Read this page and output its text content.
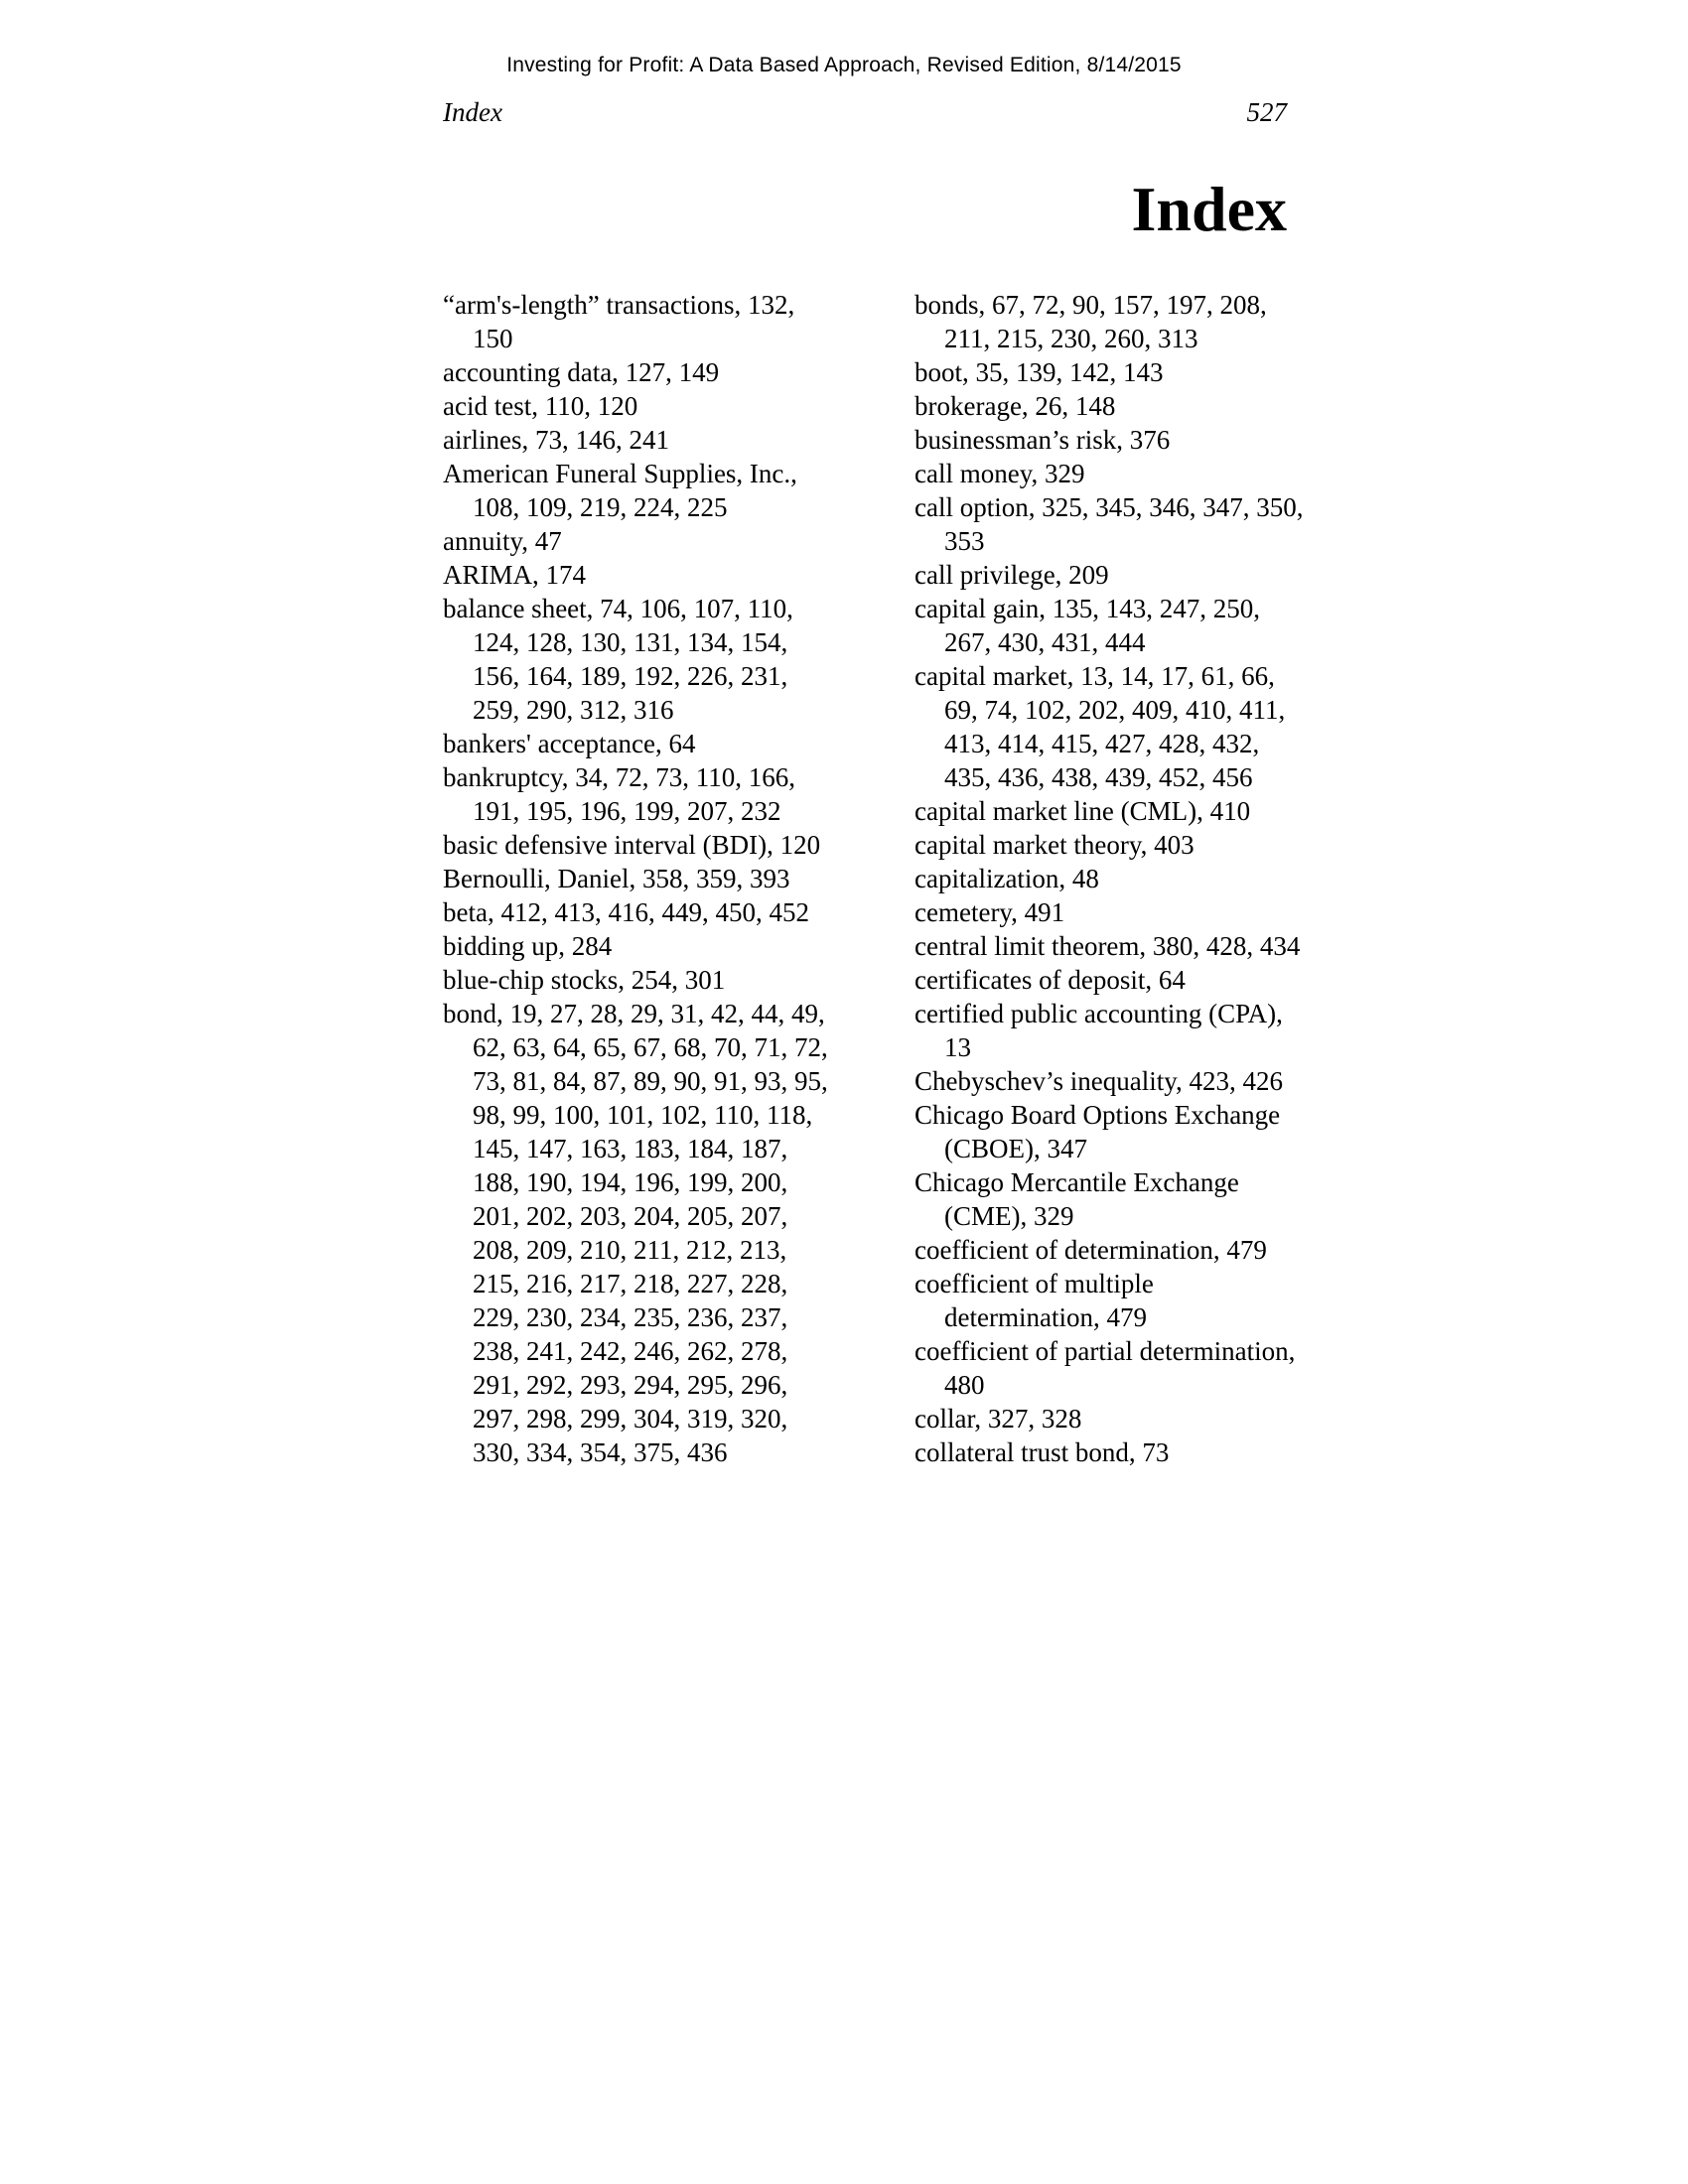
Investing for Profit: A Data Based Approach, Revised Edition, 8/14/2015
Index	527
Index

“arm's-length” transactions, 132, 150

accounting data, 127, 149

acid test, 110, 120

airlines, 73, 146, 241

American Funeral Supplies, Inc., 108, 109, 219, 224, 225

annuity, 47

ARIMA, 174

balance sheet, 74, 106, 107, 110, 124, 128, 130, 131, 134, 154, 156, 164, 189, 192, 226, 231, 259, 290, 312, 316

bankers' acceptance, 64

bankruptcy, 34, 72, 73, 110, 166, 191, 195, 196, 199, 207, 232

basic defensive interval (BDI), 120

Bernoulli, Daniel, 358, 359, 393

beta, 412, 413, 416, 449, 450, 452

bidding up, 284

blue-chip stocks, 254, 301

bond, 19, 27, 28, 29, 31, 42, 44, 49, 62, 63, 64, 65, 67, 68, 70, 71, 72, 73, 81, 84, 87, 89, 90, 91, 93, 95, 98, 99, 100, 101, 102, 110, 118, 145, 147, 163, 183, 184, 187, 188, 190, 194, 196, 199, 200, 201, 202, 203, 204, 205, 207, 208, 209, 210, 211, 212, 213, 215, 216, 217, 218, 227, 228, 229, 230, 234, 235, 236, 237, 238, 241, 242, 246, 262, 278, 291, 292, 293, 294, 295, 296, 297, 298, 299, 304, 319, 320, 330, 334, 354, 375, 436

bonds, 67, 72, 90, 157, 197, 208, 211, 215, 230, 260, 313

boot, 35, 139, 142, 143

brokerage, 26, 148

businessman’s risk, 376

call money, 329

call option, 325, 345, 346, 347, 350, 353

call privilege, 209

capital gain, 135, 143, 247, 250, 267, 430, 431, 444

capital market, 13, 14, 17, 61, 66, 69, 74, 102, 202, 409, 410, 411, 413, 414, 415, 427, 428, 432, 435, 436, 438, 439, 452, 456

capital market line (CML), 410

capital market theory, 403

capitalization, 48

cemetery, 491

central limit theorem, 380, 428, 434

certificates of deposit, 64

certified public accounting (CPA), 13

Chebyschev’s inequality, 423, 426

Chicago Board Options Exchange (CBOE), 347

Chicago Mercantile Exchange (CME), 329

coefficient of determination, 479

coefficient of multiple determination, 479

coefficient of partial determination, 480

collar, 327, 328

collateral trust bond, 73
